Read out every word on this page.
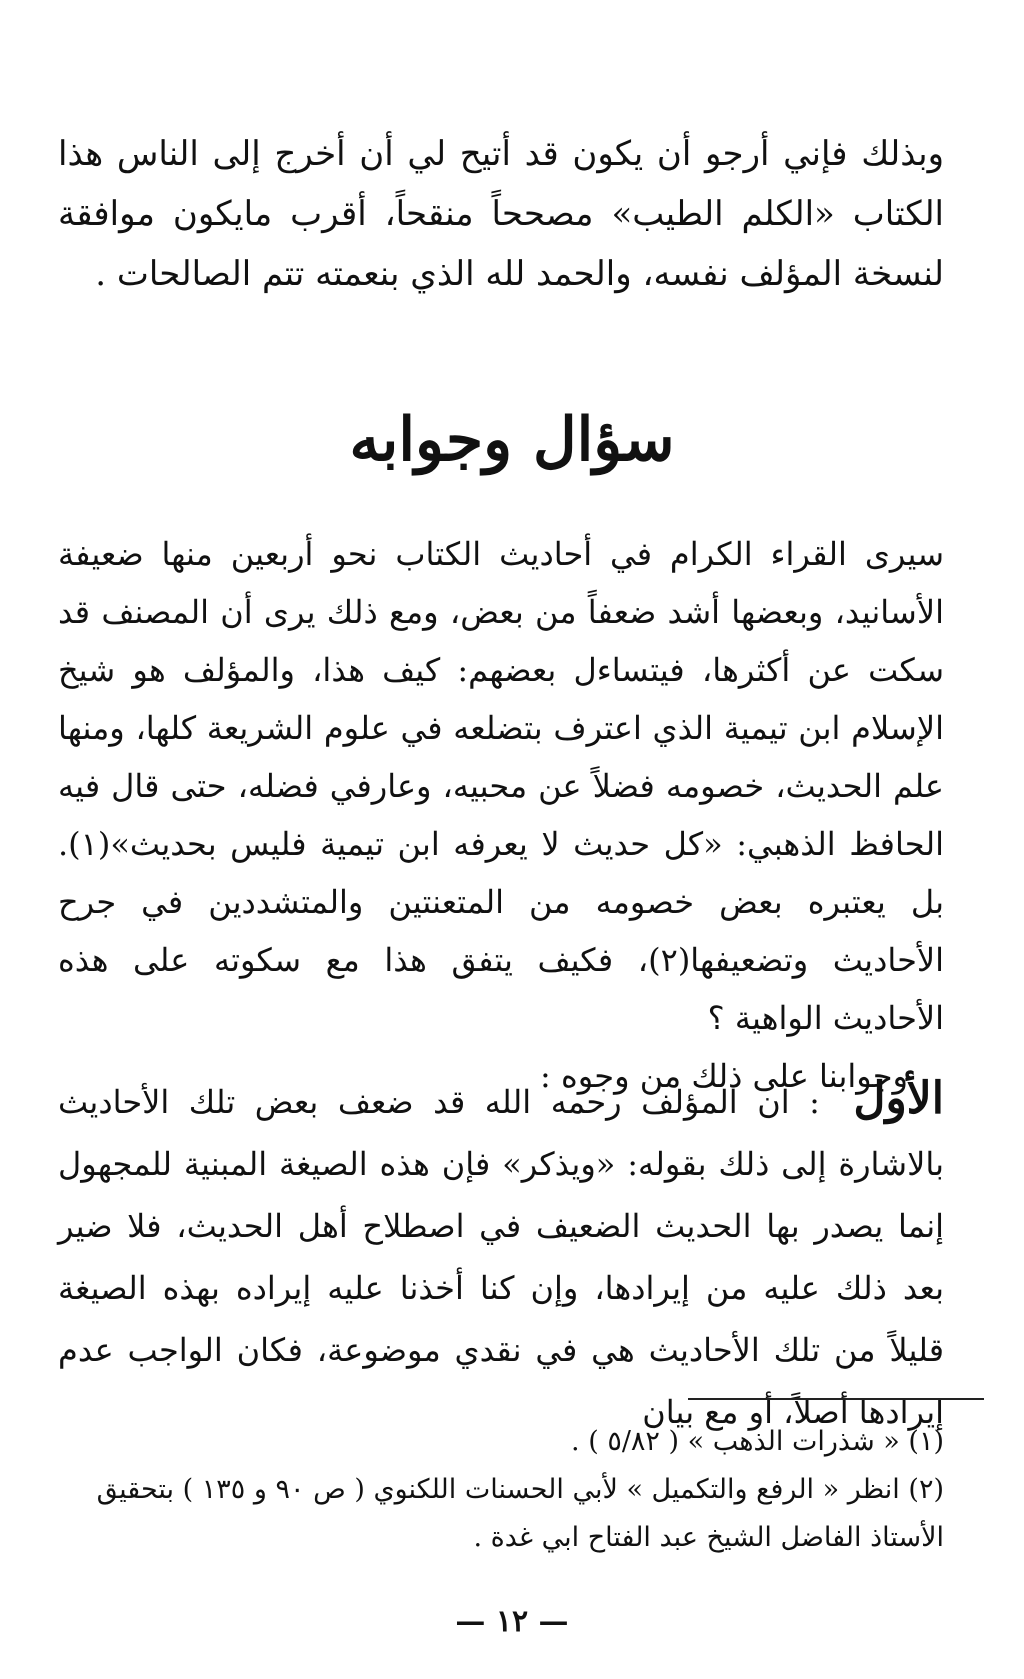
وبذلك فإني أرجو أن يكون قد أتيح لي أن أخرج إلى الناس هذا الكتاب «الكلم الطيب» مصححاً منقحاً، أقرب مايكون موافقة لنسخة المؤلف نفسه، والحمد لله الذي بنعمته تتم الصالحات .
سؤال وجوابه

سيرى القراء الكرام في أحاديث الكتاب نحو أربعين منها ضعيفة الأسانيد، وبعضها أشد ضعفاً من بعض، ومع ذلك يرى أن المصنف قد سكت عن أكثرها، فيتساءل بعضهم: كيف هذا، والمؤلف هو شيخ الإسلام ابن تيمية الذي اعترف بتضلعه في علوم الشريعة كلها، ومنها علم الحديث، خصومه فضلاً عن محبيه، وعارفي فضله، حتى قال فيه الحافظ الذهبي: «كل حديث لا يعرفه ابن تيمية فليس بحديث»(١). بل يعتبره بعض خصومه من المتعنتين والمتشددين في جرح الأحاديث وتضعيفها(٢)، فكيف يتفق هذا مع سكوته على هذه الأحاديث الواهية ؟

وجوابنا على ذلك من وجوه :

الأول : ان المؤلف رحمه الله قد ضعف بعض تلك الأحاديث بالاشارة إلى ذلك بقوله: «ويذكر» فإن هذه الصيغة المبنية للمجهول إنما يصدر بها الحديث الضعيف في اصطلاح أهل الحديث، فلا ضير بعد ذلك عليه من إيرادها، وإن كنا أخذنا عليه إيراده بهذه الصيغة قليلاً من تلك الأحاديث هي في نقدي موضوعة، فكان الواجب عدم إيرادها أصلاً، أو مع بيان

(١) « شذرات الذهب » ( ٥/٨٢ ) .

(٢) انظر « الرفع والتكميل » لأبي الحسنات اللكنوي ( ص ٩٠ و ١٣٥ ) بتحقيق الأستاذ الفاضل الشيخ عبد الفتاح ابي غدة .

— ١٢ —
